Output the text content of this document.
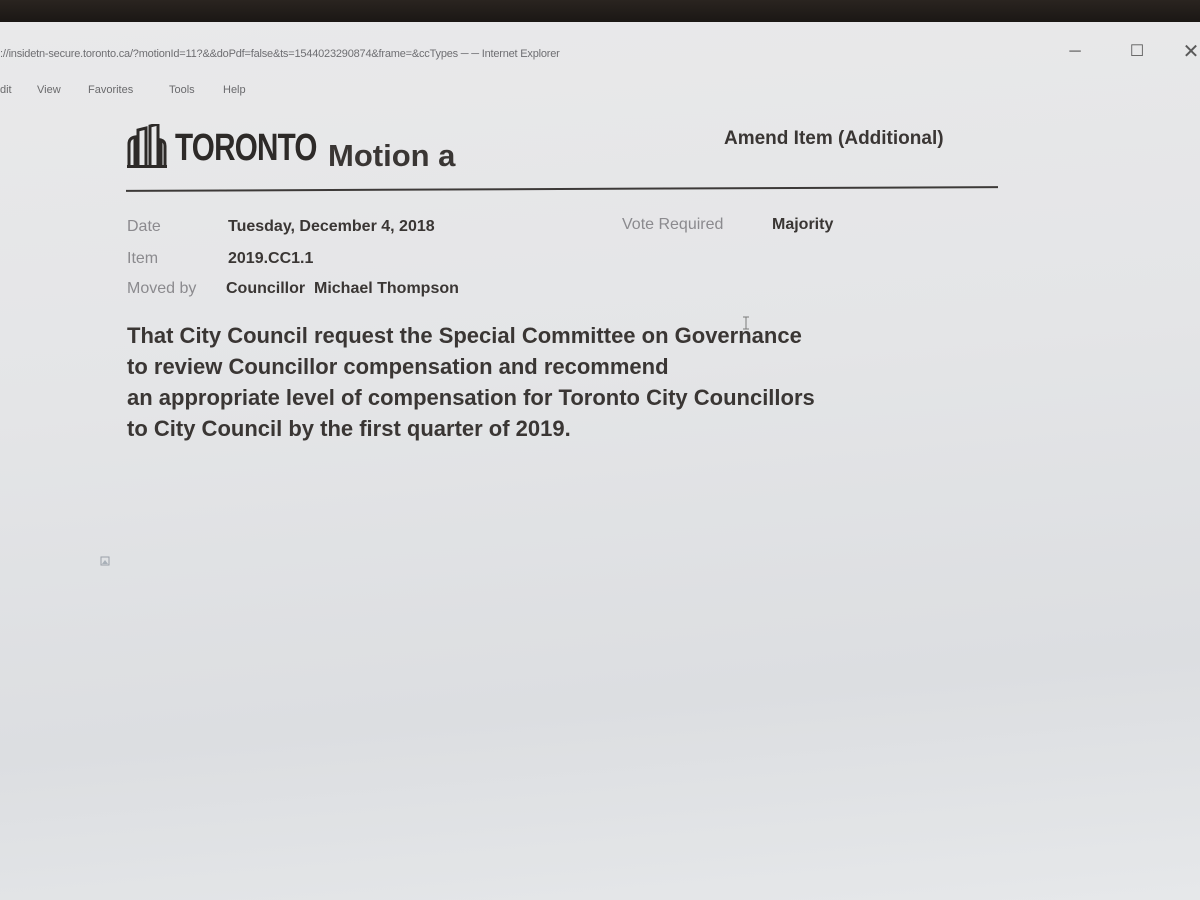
://insidetn-secure.toronto.ca/?motionId=11?&&doPdf=false&ts=1544023290874&frame=&ccTypes ─ ─ Internet Explorer	─	☐	✕
dit View Favorites	Tools	Help
TORONTO Motion a	Amend Item (Additional)
Date	Tuesday, December 4, 2018	Vote Required	Majority
Item	2019.CC1.1
Moved by Councillor  Michael Thompson
That City Council request the Special Committee on Governance
to review Councillor compensation and recommend
an appropriate level of compensation for Toronto City Councillors
to City Council by the first quarter of 2019.
